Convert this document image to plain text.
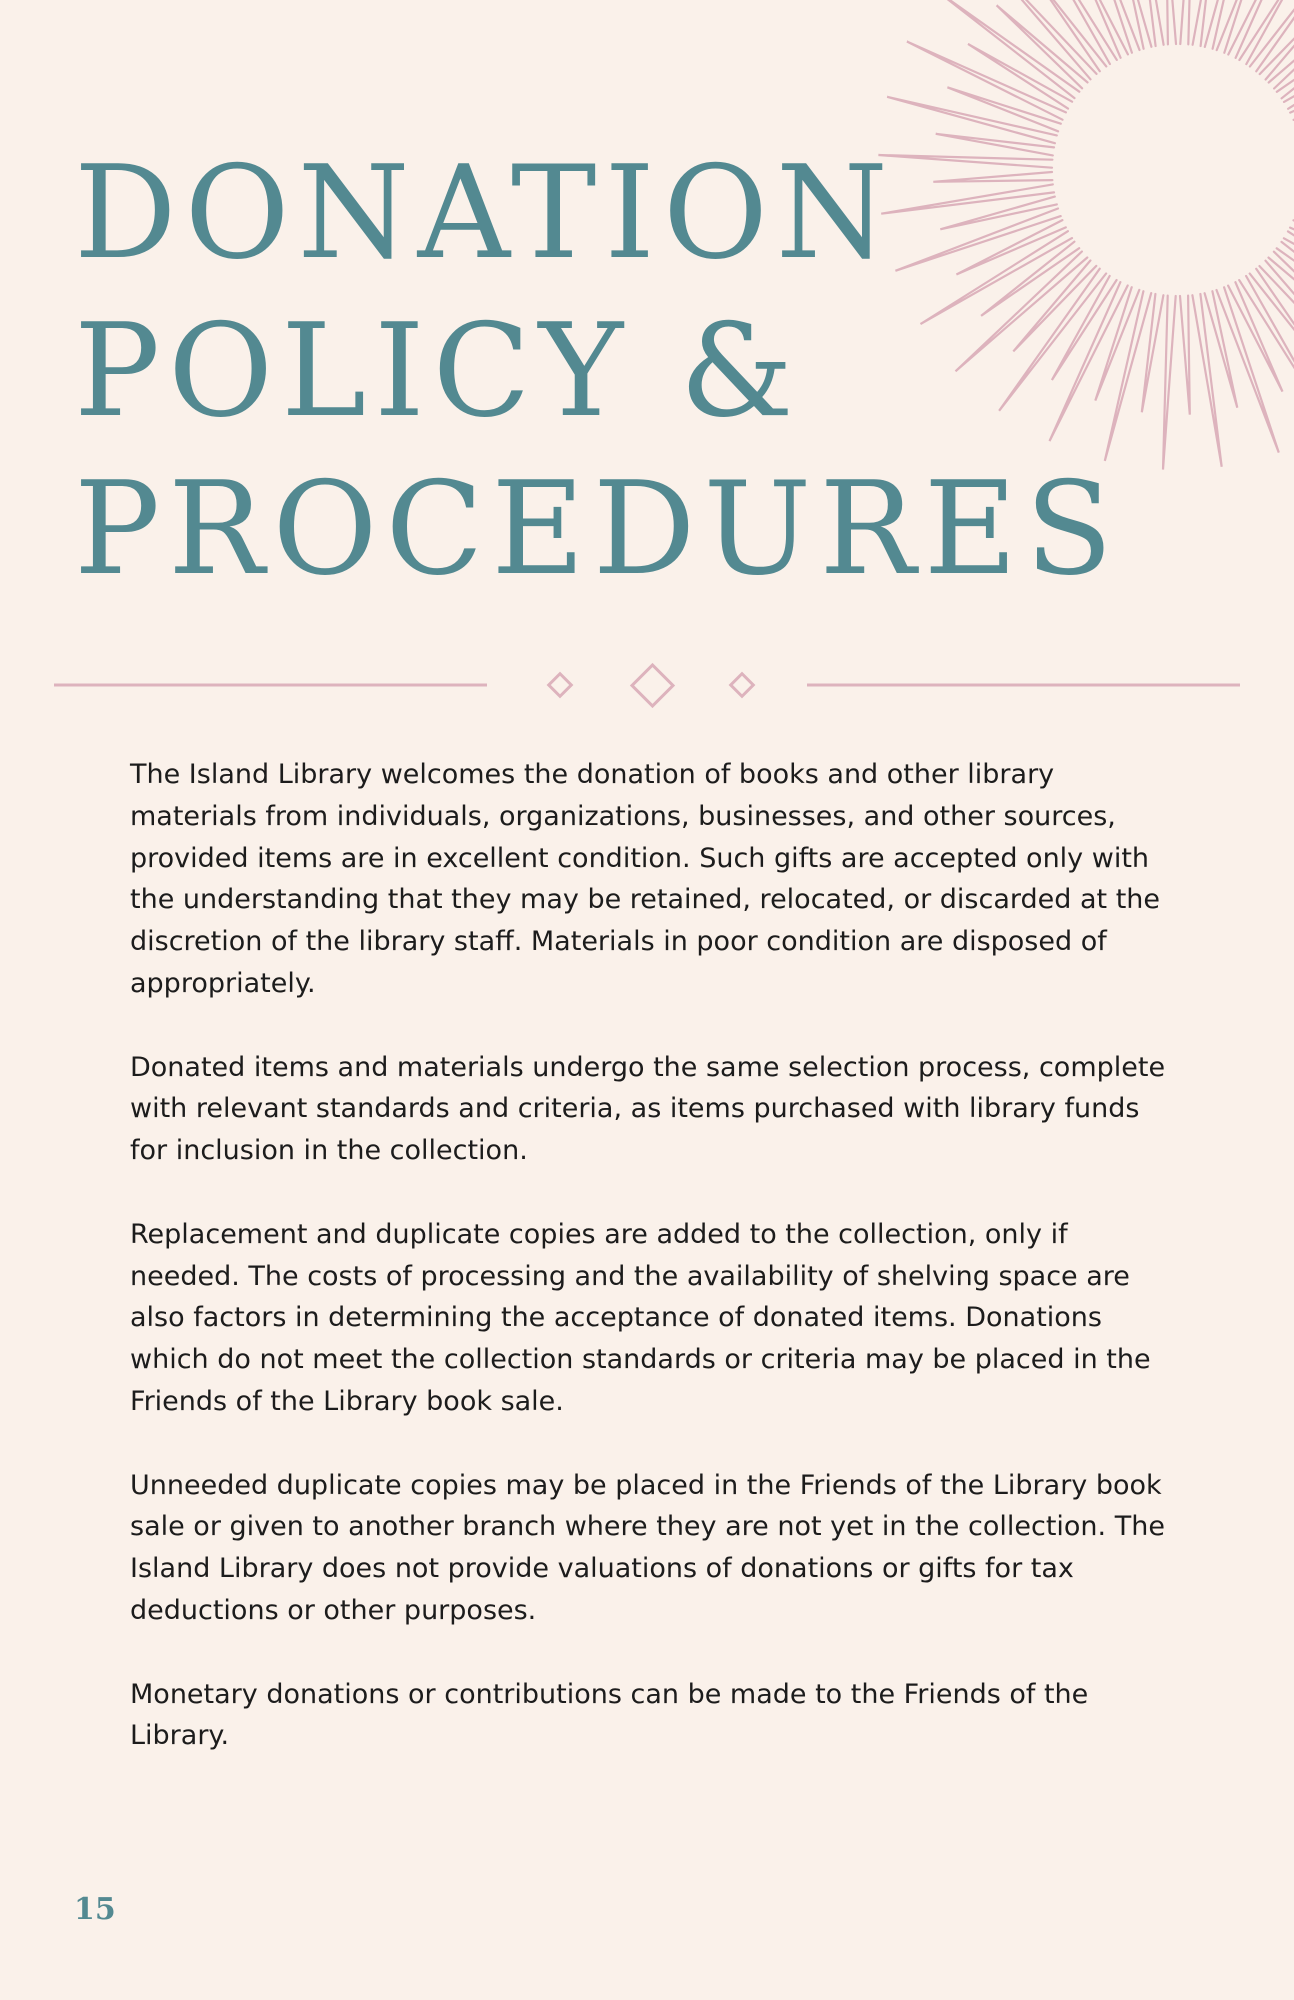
DONATION
POLICY &
PROCEDURES

The Island Library welcomes the donation of books and other library materials from individuals, organizations, businesses, and other sources, provided items are in excellent condition. Such gifts are accepted only with the understanding that they may be retained, relocated, or discarded at the discretion of the library staff. Materials in poor condition are disposed of appropriately.

Donated items and materials undergo the same selection process, complete with relevant standards and criteria, as items purchased with library funds for inclusion in the collection.

Replacement and duplicate copies are added to the collection, only if needed. The costs of processing and the availability of shelving space are also factors in determining the acceptance of donated items. Donations which do not meet the collection standards or criteria may be placed in the Friends of the Library book sale.

Unneeded duplicate copies may be placed in the Friends of the Library book sale or given to another branch where they are not yet in the collection. The Island Library does not provide valuations of donations or gifts for tax deductions or other purposes.

Monetary donations or contributions can be made to the Friends of the Library.

15
